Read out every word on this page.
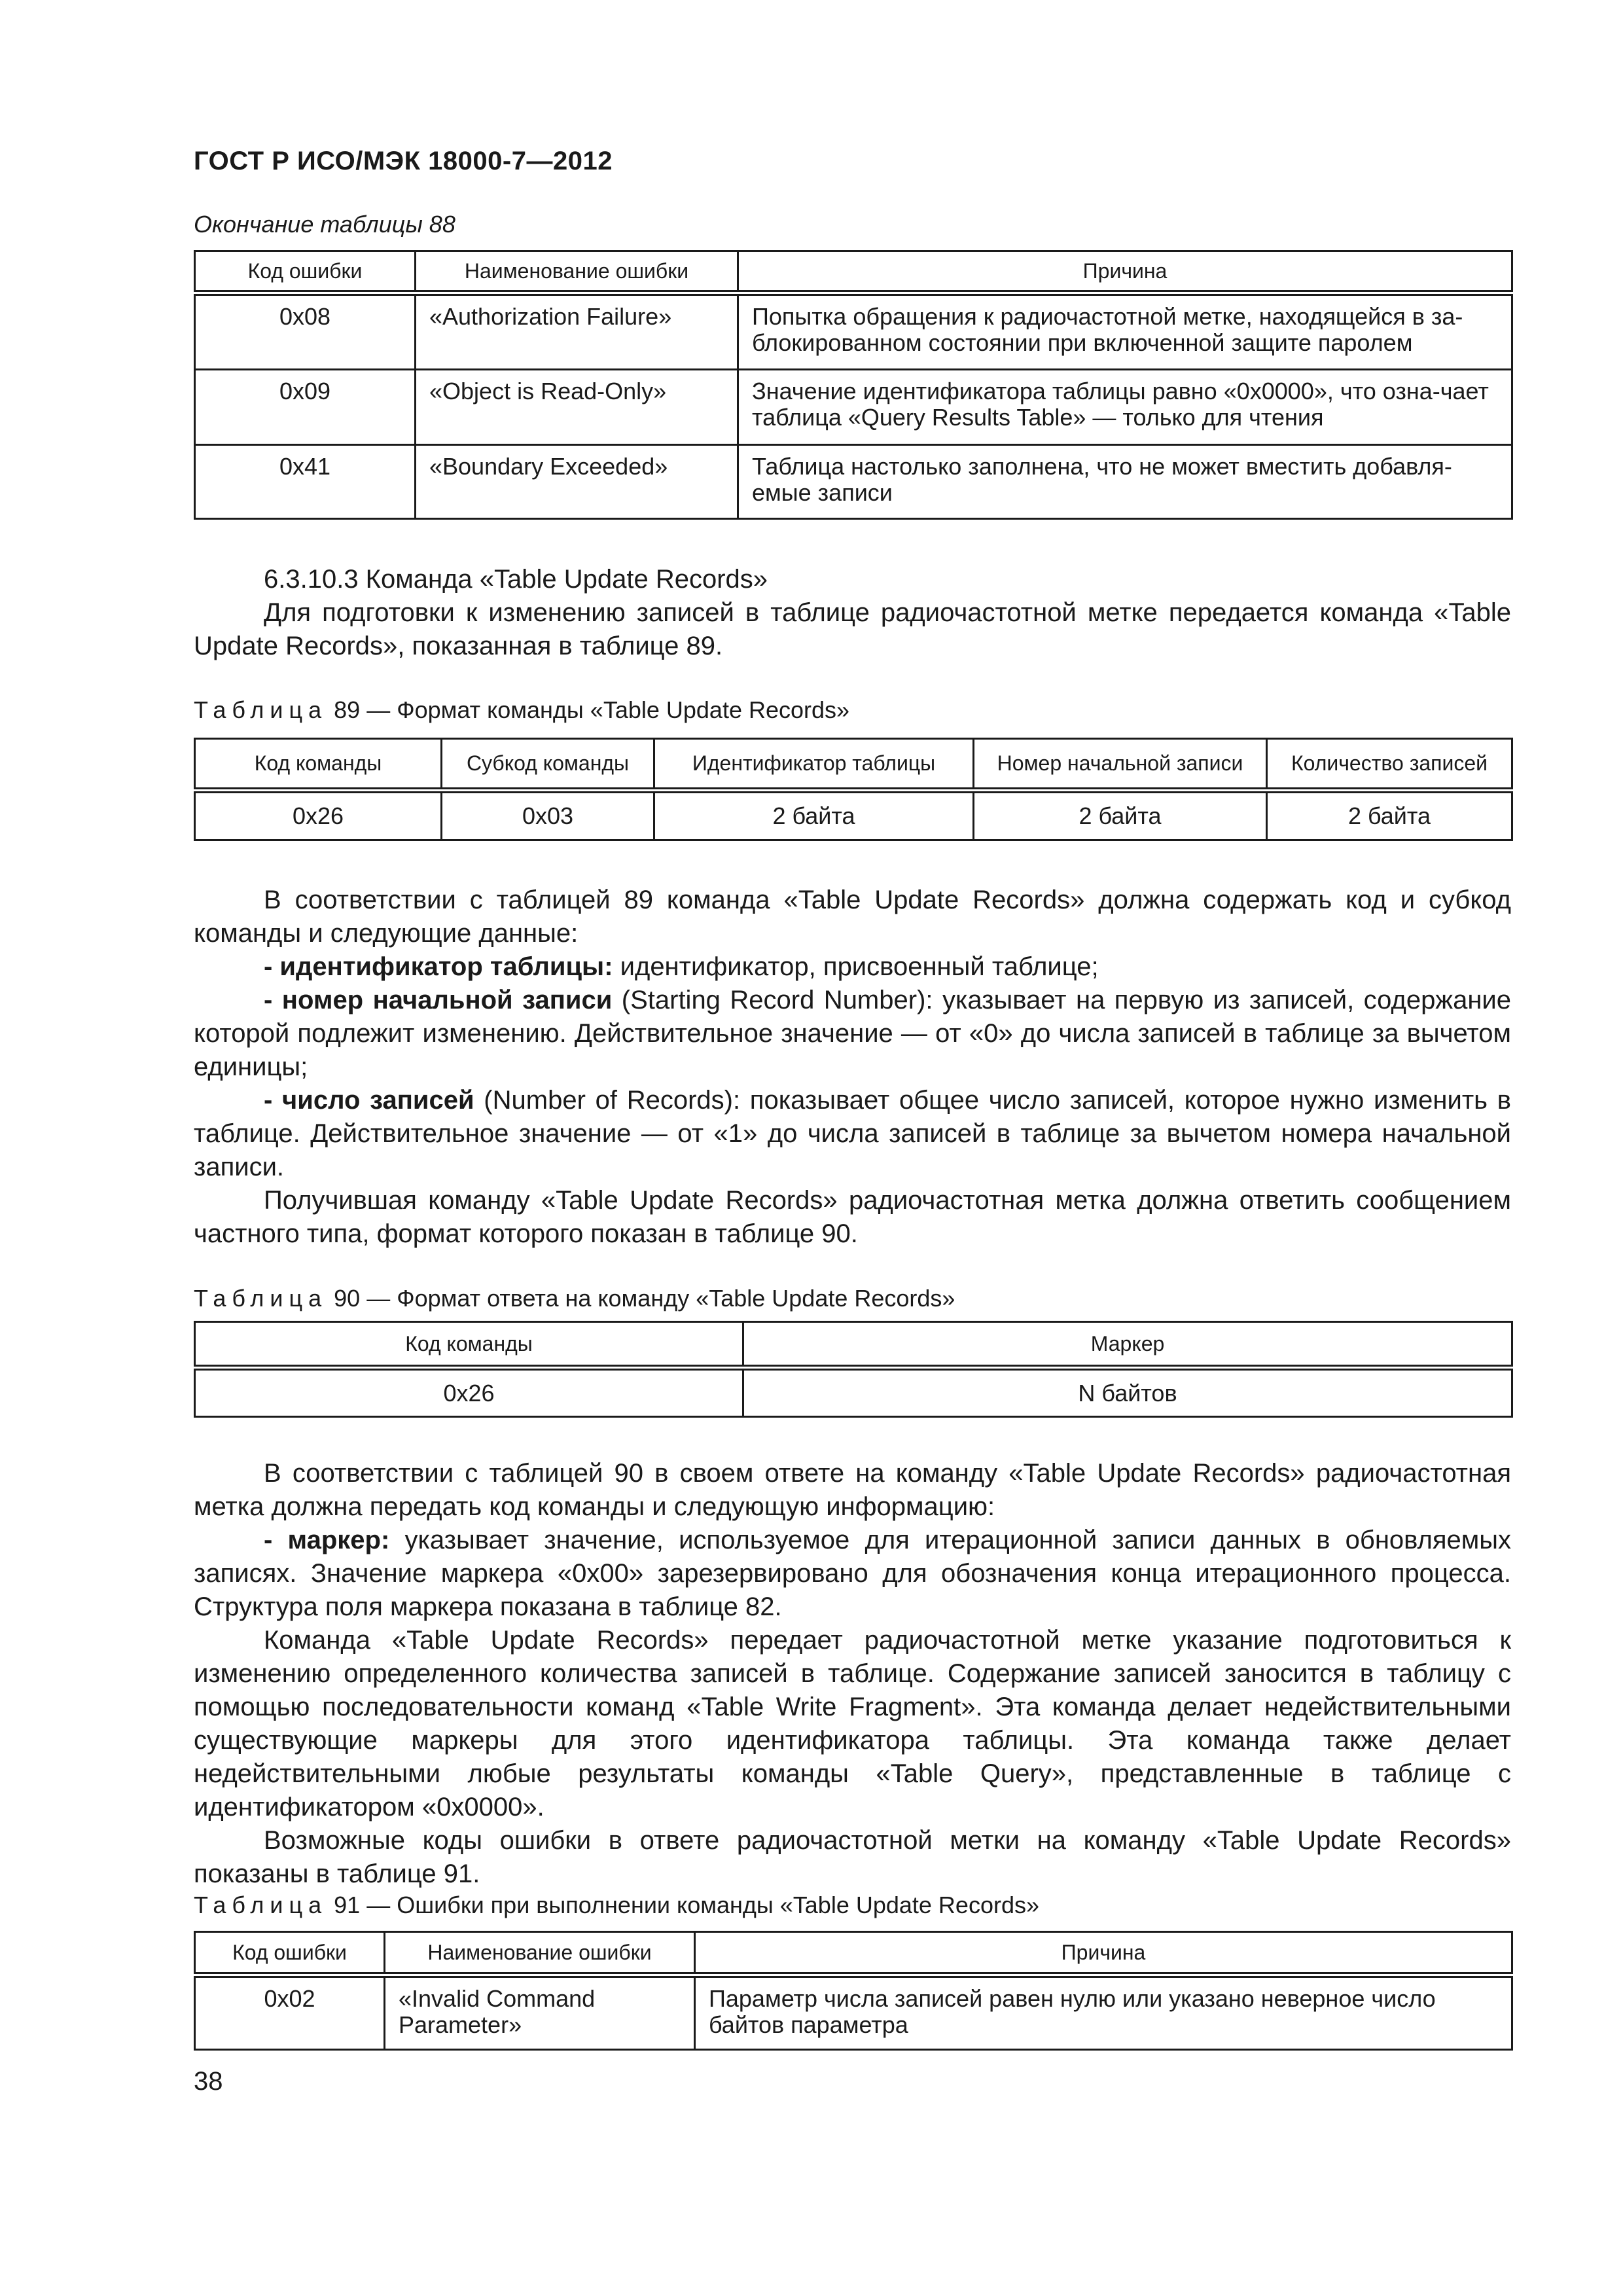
ГОСТ Р ИСО/МЭК 18000-7—2012
Окончание таблицы 88
Код ошибки	Наименование ошибки	Причина
0x08	«Authorization Failure»	Попытка обращения к радиочастотной метке, находящейся в за-блокированном состоянии при включенной защите паролем
0x09	«Object is Read-Only»	Значение идентификатора таблицы равно «0x0000», что озна-чает таблица «Query Results Table» — только для чтения
0x41	«Boundary Exceeded»	Таблица настолько заполнена, что не может вместить добавля-емые записи

6.3.10.3 Команда «Table Update Records»

Для подготовки к изменению записей в таблице радиочастотной метке передается команда «Table Update Records», показанная в таблице 89.

Таблица 89 — Формат команды «Table Update Records»
Код команды	Субкод команды	Идентификатор таблицы	Номер начальной записи	Количество записей
0x26	0x03	2 байта	2 байта	2 байта

В соответствии с таблицей 89 команда «Table Update Records» должна содержать код и субкод команды и следующие данные:

- идентификатор таблицы: идентификатор, присвоенный таблице;

- номер начальной записи (Starting Record Number): указывает на первую из записей, содержание которой подлежит изменению. Действительное значение — от «0» до числа записей в таблице за вычетом единицы;

- число записей (Number of Records): показывает общее число записей, которое нужно изменить в таблице. Действительное значение — от «1» до числа записей в таблице за вычетом номера начальной записи.

Получившая команду «Table Update Records» радиочастотная метка должна ответить сообщением частного типа, формат которого показан в таблице 90.

Таблица 90 — Формат ответа на команду «Table Update Records»
Код команды	Маркер
0x26	N байтов

В соответствии с таблицей 90 в своем ответе на команду «Table Update Records» радиочастотная метка должна передать код команды и следующую информацию:

- маркер: указывает значение, используемое для итерационной записи данных в обновляемых записях. Значение маркера «0x00» зарезервировано для обозначения конца итерационного процесса. Структура поля маркера показана в таблице 82.

Команда «Table Update Records» передает радиочастотной метке указание подготовиться к изменению определенного количества записей в таблице. Содержание записей заносится в таблицу с помощью последовательности команд «Table Write Fragment». Эта команда делает недействительными существующие маркеры для этого идентификатора таблицы. Эта команда также делает недействительными любые результаты команды «Table Query», представленные в таблице с идентификатором «0x0000».

Возможные коды ошибки в ответе радиочастотной метки на команду «Table Update Records» показаны в таблице 91.

Таблица 91 — Ошибки при выполнении команды «Table Update Records»
Код ошибки	Наименование ошибки	Причина
0x02	«Invalid Command Parameter»	Параметр числа записей равен нулю или указано неверное число байтов параметра
38
